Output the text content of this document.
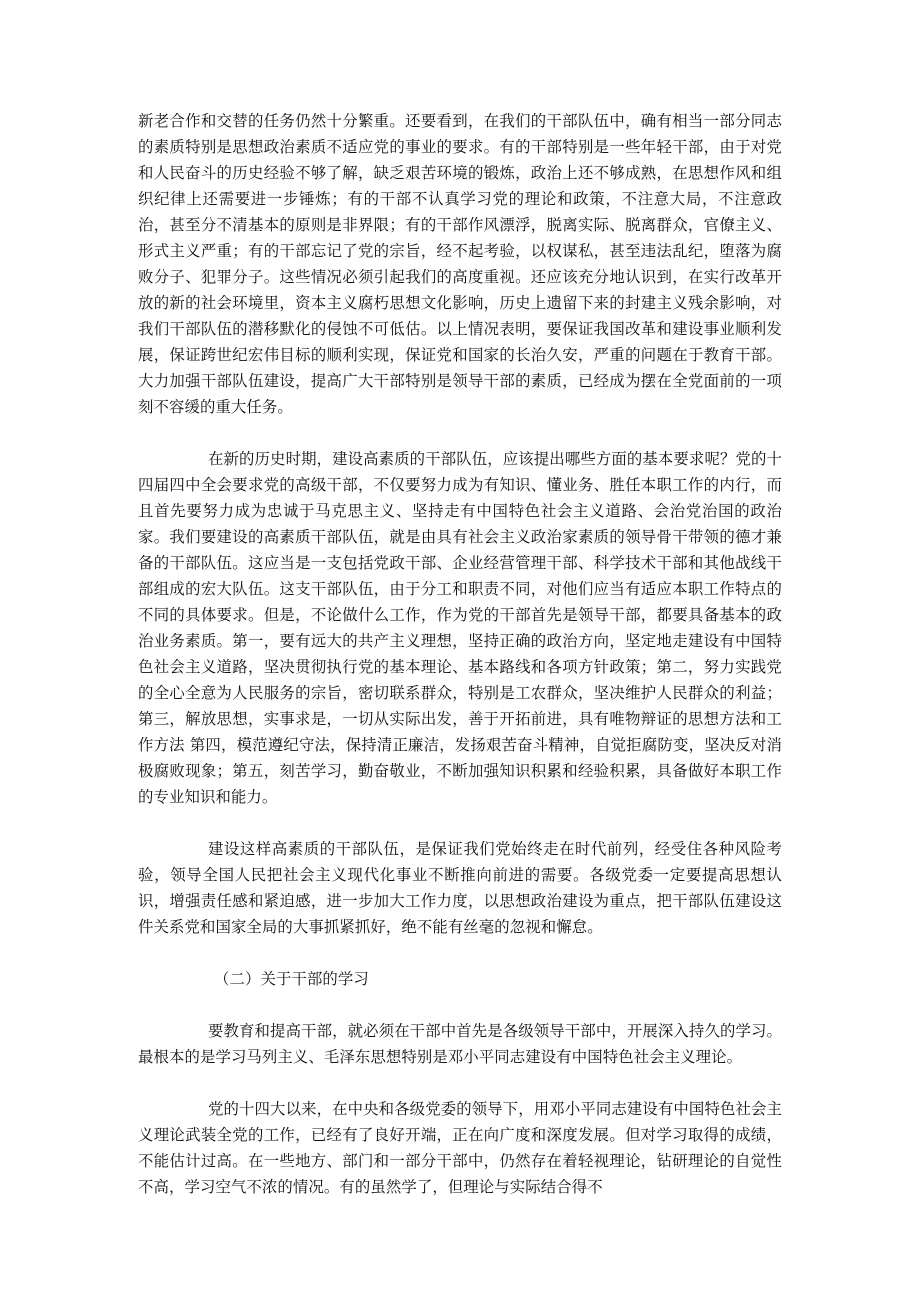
新老合作和交替的任务仍然十分繁重。还要看到，在我们的干部队伍中，确有相当一部分同志的素质特别是思想政治素质不适应党的事业的要求。有的干部特别是一些年轻干部，由于对党和人民奋斗的历史经验不够了解，缺乏艰苦环境的锻炼，政治上还不够成熟，在思想作风和组织纪律上还需要进一步锤炼；有的干部不认真学习党的理论和政策，不注意大局，不注意政治，甚至分不清基本的原则是非界限；有的干部作风漂浮，脱离实际、脱离群众，官僚主义、形式主义严重；有的干部忘记了党的宗旨，经不起考验，以权谋私，甚至违法乱纪，堕落为腐败分子、犯罪分子。这些情况必须引起我们的高度重视。还应该充分地认识到，在实行改革开放的新的社会环境里，资本主义腐朽思想文化影响，历史上遗留下来的封建主义残余影响，对我们干部队伍的潜移默化的侵蚀不可低估。以上情况表明，要保证我国改革和建设事业顺利发展，保证跨世纪宏伟目标的顺利实现，保证党和国家的长治久安，严重的问题在于教育干部。大力加强干部队伍建设，提高广大干部特别是领导干部的素质，已经成为摆在全党面前的一项刻不容缓的重大任务。

在新的历史时期，建设高素质的干部队伍，应该提出哪些方面的基本要求呢？党的十四届四中全会要求党的高级干部，不仅要努力成为有知识、懂业务、胜任本职工作的内行，而且首先要努力成为忠诚于马克思主义、坚持走有中国特色社会主义道路、会治党治国的政治家。我们要建设的高素质干部队伍，就是由具有社会主义政治家素质的领导骨干带领的德才兼备的干部队伍。这应当是一支包括党政干部、企业经营管理干部、科学技术干部和其他战线干部组成的宏大队伍。这支干部队伍，由于分工和职责不同，对他们应当有适应本职工作特点的不同的具体要求。但是，不论做什么工作，作为党的干部首先是领导干部，都要具备基本的政治业务素质。第一，要有远大的共产主义理想，坚持正确的政治方向，坚定地走建设有中国特色社会主义道路，坚决贯彻执行党的基本理论、基本路线和各项方针政策；第二，努力实践党的全心全意为人民服务的宗旨，密切联系群众，特别是工农群众，坚决维护人民群众的利益；第三，解放思想，实事求是，一切从实际出发，善于开拓前进，具有唯物辩证的思想方法和工作方法 第四，模范遵纪守法，保持清正廉洁，发扬艰苦奋斗精神，自觉拒腐防变，坚决反对消极腐败现象；第五，刻苦学习，勤奋敬业，不断加强知识积累和经验积累，具备做好本职工作的专业知识和能力。

建设这样高素质的干部队伍，是保证我们党始终走在时代前列，经受住各种风险考验，领导全国人民把社会主义现代化事业不断推向前进的需要。各级党委一定要提高思想认识，增强责任感和紧迫感，进一步加大工作力度，以思想政治建设为重点，把干部队伍建设这件关系党和国家全局的大事抓紧抓好，绝不能有丝毫的忽视和懈怠。

（二）关于干部的学习

要教育和提高干部，就必须在干部中首先是各级领导干部中，开展深入持久的学习。最根本的是学习马列主义、毛泽东思想特别是邓小平同志建设有中国特色社会主义理论。

党的十四大以来，在中央和各级党委的领导下，用邓小平同志建设有中国特色社会主义理论武装全党的工作，已经有了良好开端，正在向广度和深度发展。但对学习取得的成绩，不能估计过高。在一些地方、部门和一部分干部中，仍然存在着轻视理论，钻研理论的自觉性不高，学习空气不浓的情况。有的虽然学了，但理论与实际结合得不
